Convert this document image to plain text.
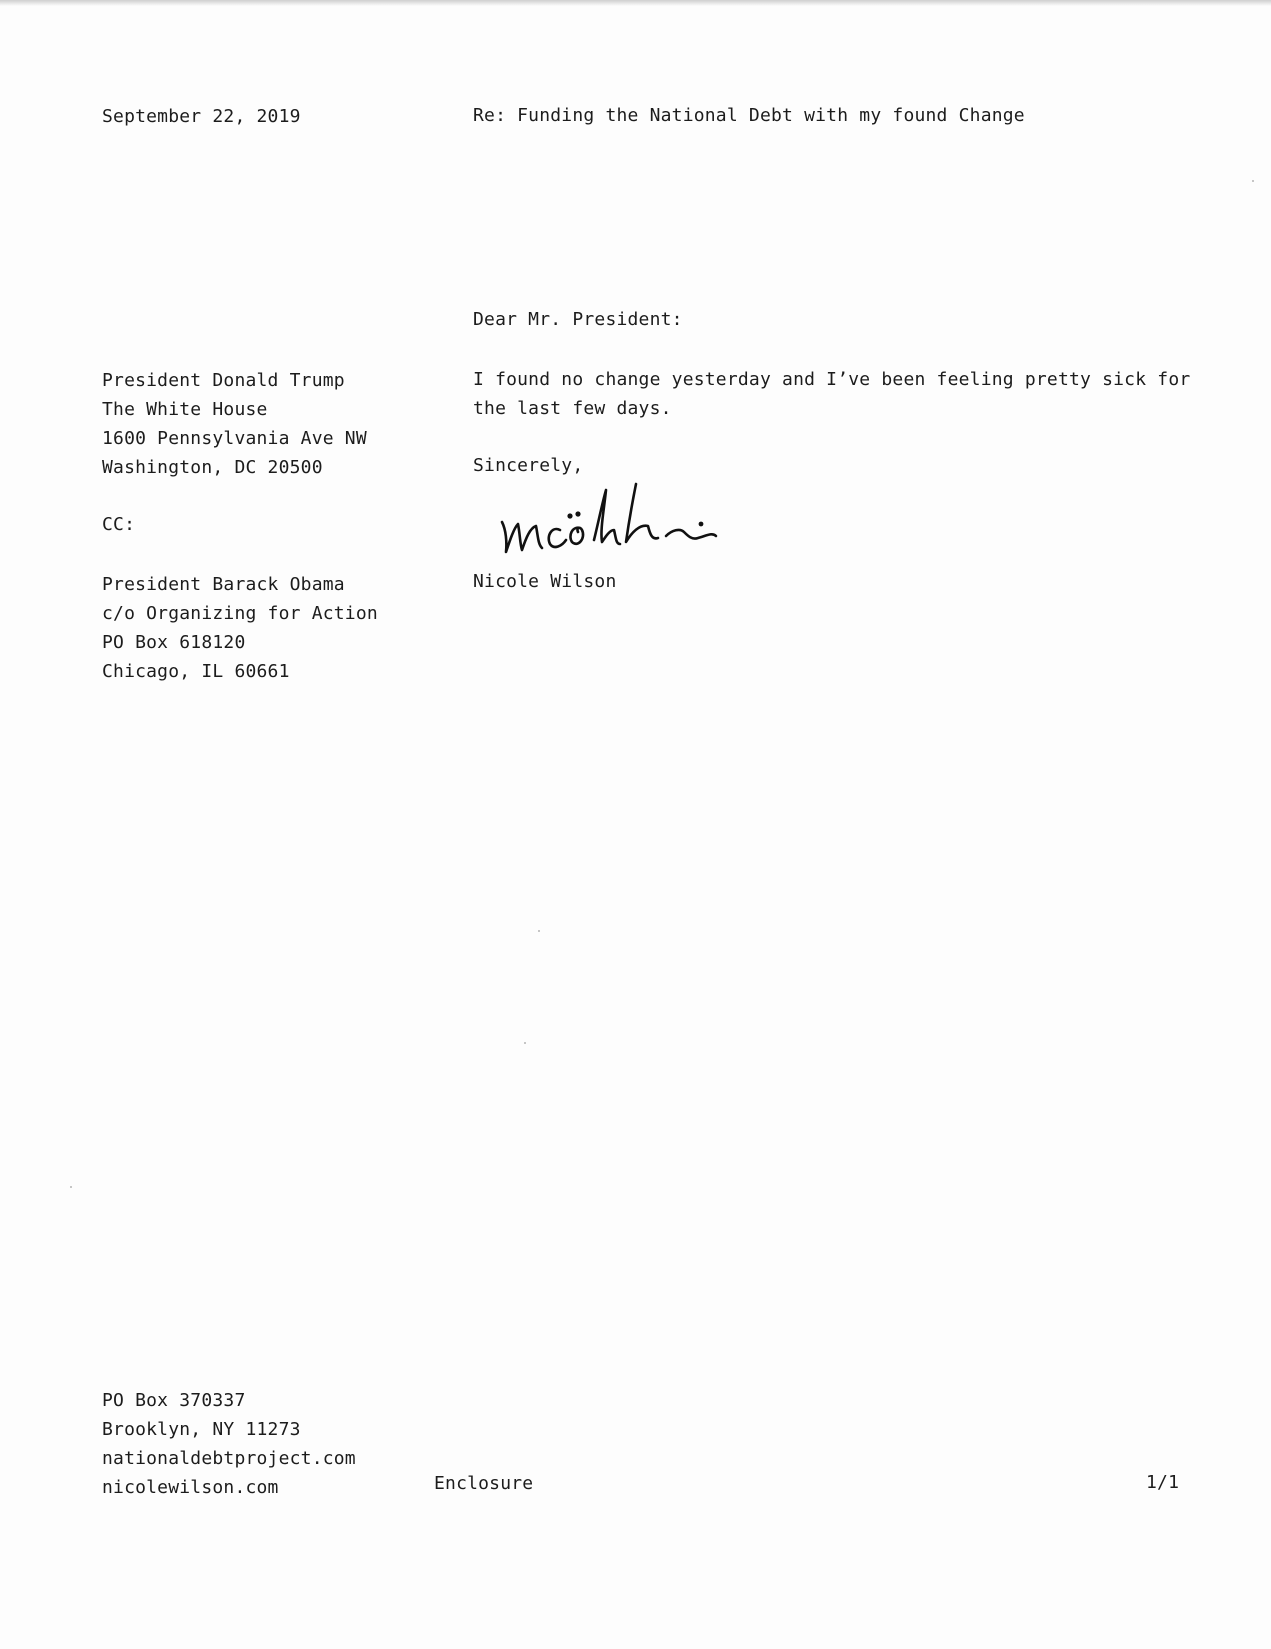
September 22, 2019	Re: Funding the National Debt with my found Change
Dear Mr. President:
President Donald Trump
The White House
1600 Pennsylvania Ave NW
Washington, DC 20500
CC:
President Barack Obama
c/o Organizing for Action
PO Box 618120
Chicago, IL 60661
I found no change yesterday and I’ve been feeling pretty sick for
the last few days.
Sincerely,
Nicole Wilson
PO Box 370337
Brooklyn, NY 11273
nationaldebtproject.com
nicolewilson.com	Enclosure	1/1
